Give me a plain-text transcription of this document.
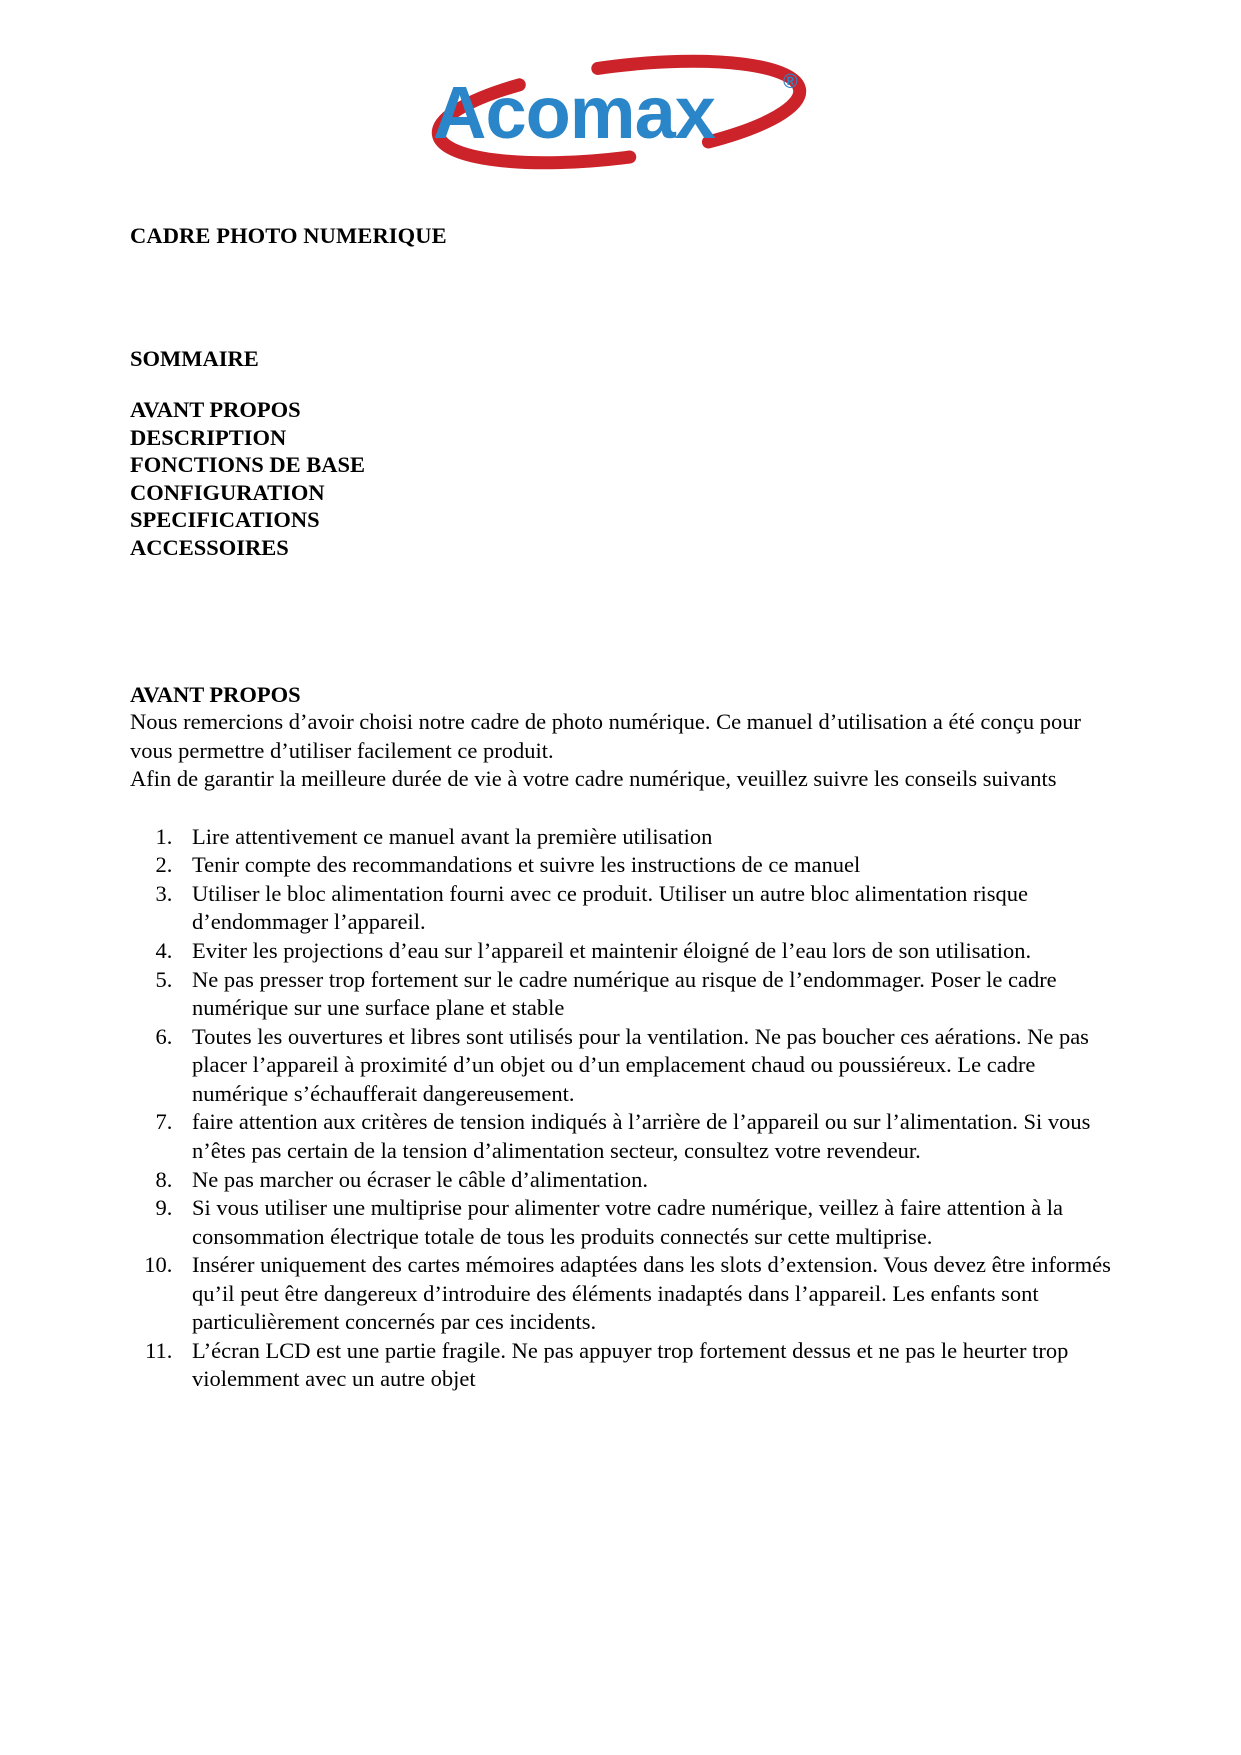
Acomax	®
CADRE PHOTO NUMERIQUE
SOMMAIRE
AVANT PROPOS
DESCRIPTION
FONCTIONS DE BASE
CONFIGURATION
SPECIFICATIONS
ACCESSOIRES
AVANT PROPOS

Nous remercions d’avoir choisi notre cadre de photo numérique. Ce manuel d’utilisation a été conçu pour vous permettre d’utiliser facilement ce produit.

Afin de garantir la meilleure durée de vie à votre cadre numérique, veuillez suivre les conseils suivants

1. Lire attentivement ce manuel avant la première utilisation
2. Tenir compte des recommandations et suivre les instructions de ce manuel
3. Utiliser le bloc alimentation fourni avec ce produit. Utiliser un autre bloc alimentation risque d’endommager l’appareil.
4. Eviter les projections d’eau sur l’appareil et maintenir éloigné de l’eau lors de son utilisation.
5. Ne pas presser trop fortement sur le cadre numérique au risque de l’endommager. Poser le cadre numérique sur une surface plane et stable
6. Toutes les ouvertures et libres sont utilisés pour la ventilation. Ne pas boucher ces aérations. Ne pas placer l’appareil à proximité d’un objet ou d’un emplacement chaud ou poussiéreux. Le cadre numérique s’échaufferait dangereusement.
7. faire attention aux critères de tension indiqués à l’arrière de l’appareil ou sur l’alimentation. Si vous n’êtes pas certain de la tension d’alimentation secteur, consultez votre revendeur.
8. Ne pas marcher ou écraser le câble d’alimentation.
9. Si vous utiliser une multiprise pour alimenter votre cadre numérique, veillez à faire attention à la consommation électrique totale de tous les produits connectés sur cette multiprise.
10. Insérer uniquement des cartes mémoires adaptées dans les slots d’extension. Vous devez être informés qu’il peut être dangereux d’introduire des éléments inadaptés dans l’appareil. Les enfants sont particulièrement concernés par ces incidents.
11. L’écran LCD est une partie fragile. Ne pas appuyer trop fortement dessus et ne pas le heurter trop violemment avec un autre objet
